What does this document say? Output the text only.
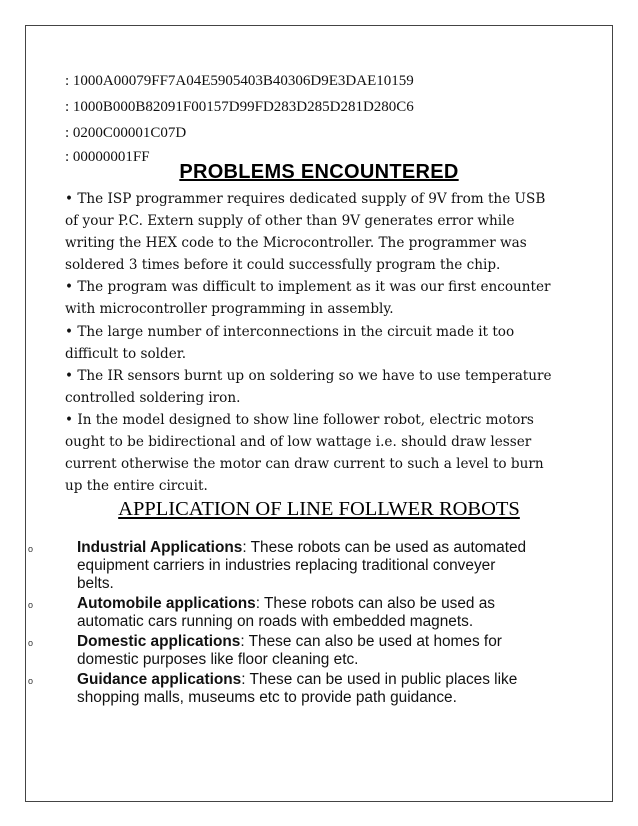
: 1000A00079FF7A04E5905403B40306D9E3DAE10159
: 1000B000B82091F00157D99FD283D285D281D280C6
: 0200C00001C07D
: 00000001FF
PROBLEMS ENCOUNTERED

• The ISP programmer requires dedicated supply of 9V from the USB

of your P.C. Extern supply of other than 9V generates error while

writing the HEX code to the Microcontroller. The programmer was

soldered 3 times before it could successfully program the chip.

• The program was difficult to implement as it was our first encounter

with microcontroller programming in assembly.

• The large number of interconnections in the circuit made it too

difficult to solder.

• The IR sensors burnt up on soldering so we have to use temperature

controlled soldering iron.

• In the model designed to show line follower robot, electric motors

ought to be bidirectional and of low wattage i.e. should draw lesser

current otherwise the motor can draw current to such a level to burn

up the entire circuit.

APPLICATION OF LINE FOLLWER ROBOTS
o	Industrial Applications: These robots can be used as automated
equipment carriers in industries replacing traditional conveyer
belts.
o	Automobile applications: These robots can also be used as
automatic cars running on roads with embedded magnets.
o	Domestic applications: These can also be used at homes for
domestic purposes like floor cleaning etc.
o	Guidance applications: These can be used in public places like
shopping malls, museums etc to provide path guidance.
